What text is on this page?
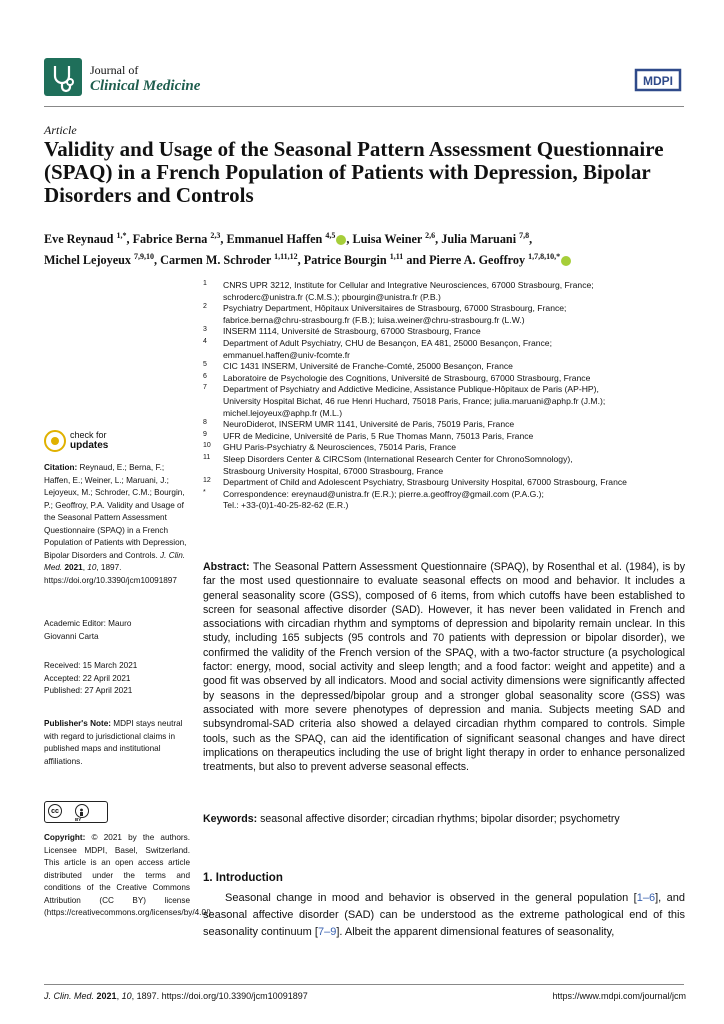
Journal of
Clinical Medicine	MDPI
Article
Validity and Usage of the Seasonal Pattern Assessment Questionnaire (SPAQ) in a French Population of Patients with Depression, Bipolar Disorders and Controls
Eve Reynaud $^{1,*}$, Fabrice Berna $^{2,3}$, Emmanuel Haffen $^{4,5}$ , Luisa Weiner $^{2,6}$, Julia Maruani $^{7,8}$,
Michel Lejoyeux $^{7,9,10}$, Carmen M. Schroder $^{1,11,12}$, Patrice Bourgin $^{1,11}$ and Pierre A. Geoffroy $^{1,7,8,10,*}$
1 CNRS UPR 3212, Institute for Cellular and Integrative Neurosciences, 67000 Strasbourg, France;
schroderc@unistra.fr (C.M.S.); pbourgin@unistra.fr (P.B.)
2 Psychiatry Department, Hôpitaux Universitaires de Strasbourg, 67000 Strasbourg, France;
fabrice.berna@chru-strasbourg.fr (F.B.); luisa.weiner@chru-strasbourg.fr (L.W.)
3 INSERM 1114, Université de Strasbourg, 67000 Strasbourg, France
4 Department of Adult Psychiatry, CHU de Besançon, EA 481, 25000 Besançon, France;
emmanuel.haffen@univ-fcomte.fr
5 CIC 1431 INSERM, Université de Franche-Comté, 25000 Besançon, France
6 Laboratoire de Psychologie des Cognitions, Université de Strasbourg, 67000 Strasbourg, France
7 Department of Psychiatry and Addictive Medicine, Assistance Publique-Hôpitaux de Paris (AP-HP),
University Hospital Bichat, 46 rue Henri Huchard, 75018 Paris, France; julia.maruani@aphp.fr (J.M.);
michel.lejoyeux@aphp.fr (M.L.)
8 NeuroDiderot, INSERM UMR 1141, Université de Paris, 75019 Paris, France
9 UFR de Medicine, Université de Paris, 5 Rue Thomas Mann, 75013 Paris, France
10 GHU Paris-Psychiatry & Neurosciences, 75014 Paris, France
11 Sleep Disorders Center & CIRCSom (International Research Center for ChronoSomnology),
Strasbourg University Hospital, 67000 Strasbourg, France
12 Department of Child and Adolescent Psychiatry, Strasbourg University Hospital, 67000 Strasbourg, France
* Correspondence: ereynaud@unistra.fr (E.R.); pierre.a.geoffroy@gmail.com (P.A.G.);
Tel.: +33-(0)1-40-25-82-62 (E.R.)
check for
updates
Citation: Reynaud, E.; Berna, F.; Haffen, E.; Weiner, L.; Maruani, J.; Lejoyeux, M.; Schroder, C.M.; Bourgin, P.; Geoffroy, P.A. Validity and Usage of the Seasonal Pattern Assessment Questionnaire (SPAQ) in a French Population of Patients with Depression, Bipolar Disorders and Controls. J. Clin. Med. 2021, 10, 1897.
https://doi.org/10.3390/jcm10091897
Academic Editor: Mauro
Giovanni Carta
Received: 15 March 2021
Accepted: 22 April 2021
Published: 27 April 2021
Publisher's Note: MDPI stays neutral with regard to jurisdictional claims in published maps and institutional affiliations.
cc
BY
Copyright: © 2021 by the authors. Licensee MDPI, Basel, Switzerland. This article is an open access article distributed under the terms and conditions of the Creative Commons Attribution (CC BY) license (https://creativecommons.org/licenses/by/4.0/).

Abstract: The Seasonal Pattern Assessment Questionnaire (SPAQ), by Rosenthal et al. (1984), is by far the most used questionnaire to evaluate seasonal effects on mood and behavior. It includes a general seasonality score (GSS), composed of 6 items, from which cutoffs have been established to screen for seasonal affective disorder (SAD). However, it has never been validated in French and associations with circadian rhythm and symptoms of depression and bipolarity remain unclear. In this study, including 165 subjects (95 controls and 70 patients with depression or bipolar disorder), we confirmed the validity of the French version of the SPAQ, with a two-factor structure (a psychological factor: energy, mood, social activity and sleep length; and a food factor: weight and appetite) and a good fit was observed by all indicators. Mood and social activity dimensions were significantly affected by seasons in the depressed/bipolar group and a stronger global seasonality score (GSS) was associated with more severe phenotypes of depression and mania. Subjects meeting SAD and subsyndromal-SAD criteria also showed a delayed circadian rhythm compared to controls. Simple tools, such as the SPAQ, can aid the identification of significant seasonal changes and have direct implications on therapeutics including the use of bright light therapy in order to enhance personalized treatments, but also to prevent adverse seasonal effects.

Keywords: seasonal affective disorder; circadian rhythms; bipolar disorder; psychometry

1. Introduction

Seasonal change in mood and behavior is observed in the general population [1–6], and seasonal affective disorder (SAD) can be understood as the extreme pathological end of this seasonality continuum [7–9]. Albeit the apparent dimensional features of seasonality,

J. Clin. Med. 2021, 10, 1897. https://doi.org/10.3390/jcm10091897	https://www.mdpi.com/journal/jcm
